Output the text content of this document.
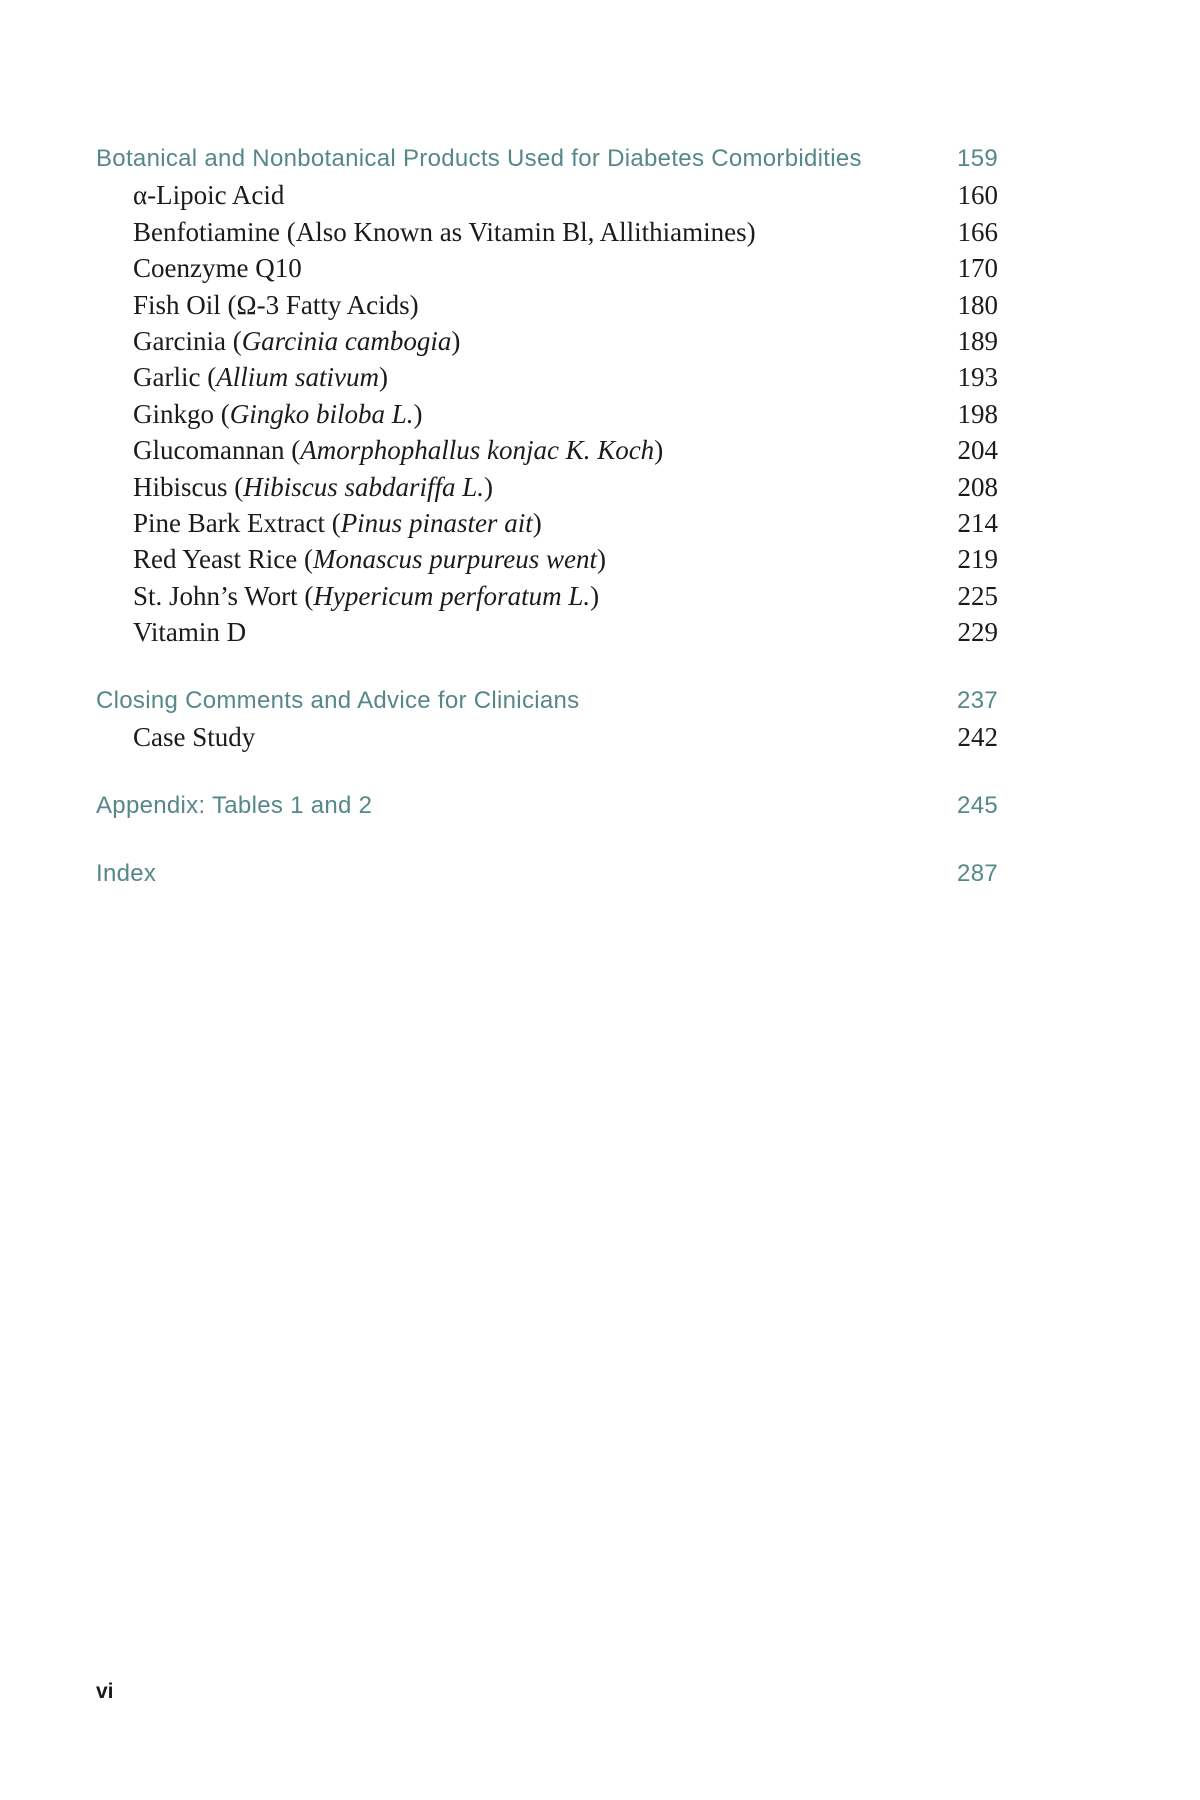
Botanical and Nonbotanical Products Used for Diabetes Comorbidities	159
α-Lipoic Acid	160
Benfotiamine (Also Known as Vitamin Bl, Allithiamines)	166
Coenzyme Q10	170
Fish Oil (Ω-3 Fatty Acids)	180
Garcinia (Garcinia cambogia)	189
Garlic (Allium sativum)	193
Ginkgo (Gingko biloba L.)	198
Glucomannan (Amorphophallus konjac K. Koch)	204
Hibiscus (Hibiscus sabdariffa L.)	208
Pine Bark Extract (Pinus pinaster ait)	214
Red Yeast Rice (Monascus purpureus went)	219
St. John’s Wort (Hypericum perforatum L.)	225
Vitamin D	229
Closing Comments and Advice for Clinicians	237
Case Study	242
Appendix: Tables 1 and 2	245
Index	287
vi
